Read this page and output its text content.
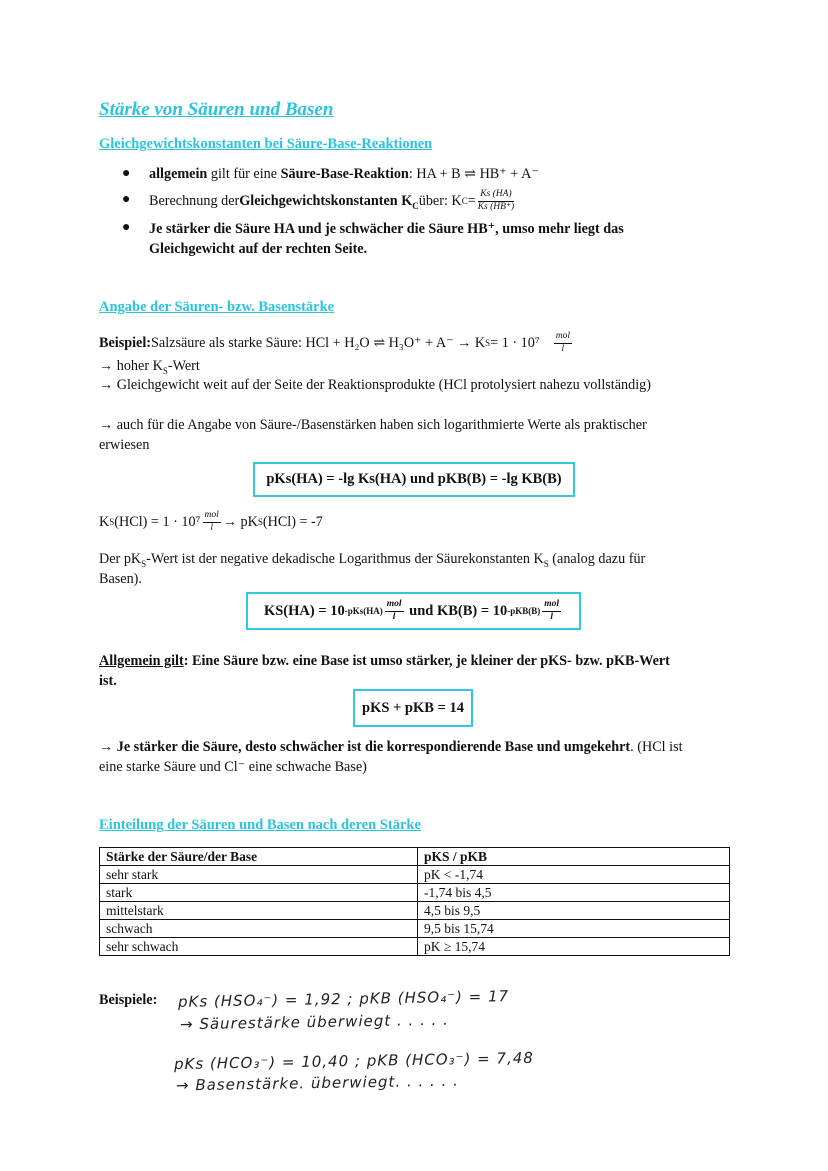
Stärke von Säuren und Basen
Gleichgewichtskonstanten bei Säure-Base-Reaktionen
● allgemein gilt für eine Säure-Base-Reaktion: HA + B ⇌ HB⁺ + A⁻
● Berechnung der Gleichgewichtskonstanten $K_C$ über: K $C = \frac{Ks (HA)}{Ks (HB^+)}$
● Je stärker die Säure HA und je schwächer die Säure HB⁺, umso mehr liegt das
Gleichgewicht auf der rechten Seite.
Angabe der Säuren- bzw. Basenstärke
Beispiel: Salzsäure als starke Säure: HCl + H₂O ⇌ H₃O⁺ + A⁻ → K $S = 1 \cdot 10^7 \frac{\text{mol}}{l}$
→ hoher $K_S$-Wert
→ Gleichgewicht weit auf der Seite der Reaktionsprodukte (HCl protolysiert nahezu vollständig)
→ auch für die Angabe von Säure-/Basenstärken haben sich logarithmierte Werte als praktischer
erwiesen
pKs(HA) = -lg Ks(HA) und pKB(B) = -lg KB(B)
K S $(HCl) = 1 \cdot 10^7 \frac{\text{mol}}{l}$ → pK S (HCl) = -7
Der $pK_S$-Wert ist der negative dekadische Logarithmus der Säurekonstanten $K_S$ (analog dazu für
Basen).
KS(HA) = 10 $-pKs(HA) \frac{\text{mol}}{l}$
und KB(B) = 10 $-pKB(B) \frac{\text{mol}}{l}$
Allgemein gilt: Eine Säure bzw. eine Base ist umso stärker, je kleiner der pKS- bzw. pKB-Wert
ist.
pKS + pKB = 14
→ Je stärker die Säure, desto schwächer ist die korrespondierende Base und umgekehrt. (HCl ist
eine starke Säure und Cl⁻ eine schwache Base)
Einteilung der Säuren und Basen nach deren Stärke
Stärke der Säure/der Base	pKS / pKB
sehr stark	pK < -1,74
stark	-1,74 bis 4,5
mittelstark	4,5 bis 9,5
schwach	9,5 bis 15,74
sehr schwach	pK ≥ 15,74
Beispiele: pKs (HSO₄⁻) = 1,92 ; pKB (HSO₄⁻) = 17
→ Säurestärke überwiegt . . . . .
pKs (HCO₃⁻) = 10,40 ; pKB (HCO₃⁻) = 7,48
→ Basenstärke. überwiegt. . . . . .
